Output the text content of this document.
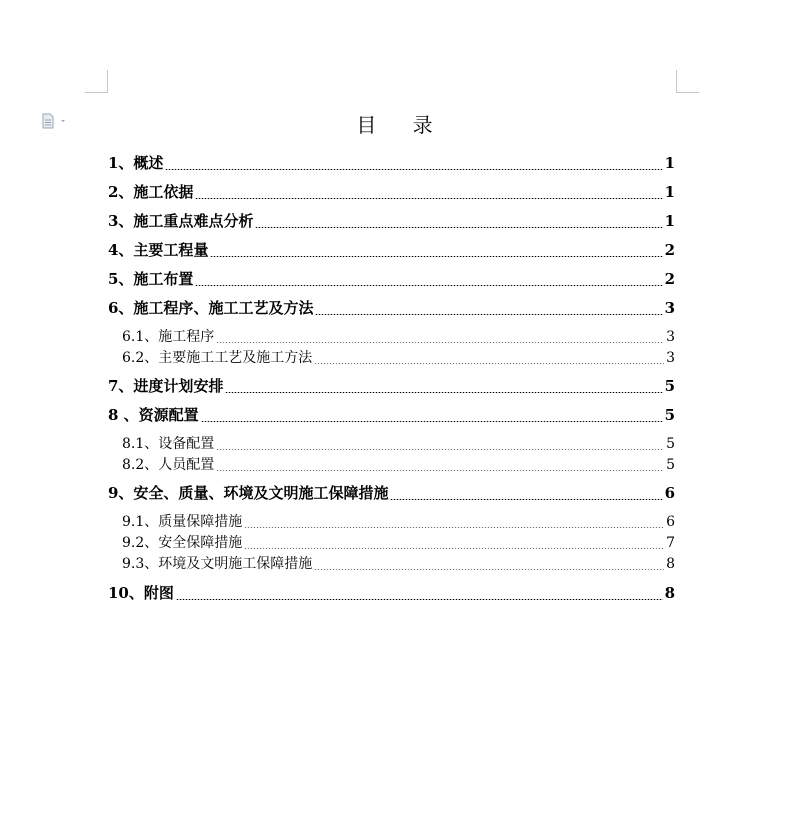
目 录
1、概述	1
2、施工依据	1
3、施工重点难点分析	1
4、主要工程量	2
5、施工布置	2
6、施工程序、施工工艺及方法	3
6.1、施工程序	3
6.2、主要施工工艺及施工方法	3
7、进度计划安排	5
8 、资源配置	5
8.1、设备配置	5
8.2、人员配置	5
9、安全、质量、环境及文明施工保障措施	6
9.1、质量保障措施	6
9.2、安全保障措施	7
9.3、环境及文明施工保障措施	8
10、附图	8
